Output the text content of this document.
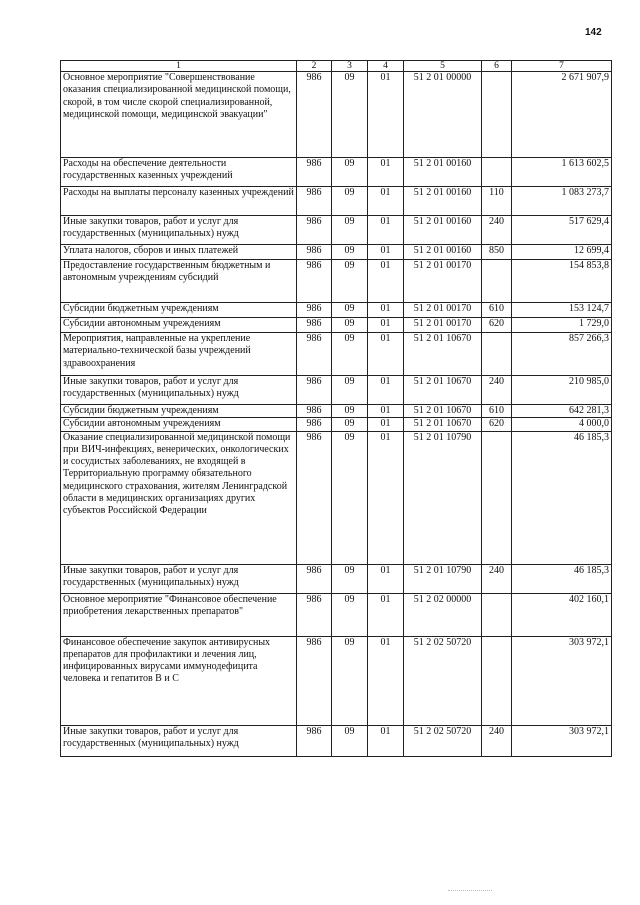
142
1	2	3	4	5	6	7
Основное мероприятие "Совершенствование оказания специализированной медицинской помощи, скорой, в том числе скорой специализированной, медицинской помощи, медицинской эвакуации"	986	09	01	51 2 01 00000		2 671 907,9
Расходы на обеспечение деятельности государственных казенных учреждений	986	09	01	51 2 01 00160		1 613 602,5
Расходы на выплаты персоналу казенных учреждений	986	09	01	51 2 01 00160	110	1 083 273,7
Иные закупки товаров, работ и услуг для государственных (муниципальных) нужд	986	09	01	51 2 01 00160	240	517 629,4
Уплата налогов, сборов и иных платежей	986	09	01	51 2 01 00160	850	12 699,4
Предоставление государственным бюджетным и автономным учреждениям субсидий	986	09	01	51 2 01 00170		154 853,8
Субсидии бюджетным учреждениям	986	09	01	51 2 01 00170	610	153 124,7
Субсидии автономным учреждениям	986	09	01	51 2 01 00170	620	1 729,0
Мероприятия, направленные на укрепление материально-технической базы учреждений здравоохранения	986	09	01	51 2 01 10670		857 266,3
Иные закупки товаров, работ и услуг для государственных (муниципальных) нужд	986	09	01	51 2 01 10670	240	210 985,0
Субсидии бюджетным учреждениям	986	09	01	51 2 01 10670	610	642 281,3
Субсидии автономным учреждениям	986	09	01	51 2 01 10670	620	4 000,0
Оказание специализированной медицинской помощи при ВИЧ-инфекциях, венерических, онкологических и сосудистых заболеваниях, не входящей в Территориальную программу обязательного медицинского страхования, жителям Ленинградской области в медицинских организациях других субъектов Российской Федерации	986	09	01	51 2 01 10790		46 185,3
Иные закупки товаров, работ и услуг для государственных (муниципальных) нужд	986	09	01	51 2 01 10790	240	46 185,3
Основное мероприятие "Финансовое обеспечение приобретения лекарственных препаратов"	986	09	01	51 2 02 00000		402 160,1
Финансовое обеспечение закупок антивирусных препаратов для профилактики и лечения лиц, инфицированных вирусами иммунодефицита человека и гепатитов В и С	986	09	01	51 2 02 50720		303 972,1
Иные закупки товаров, работ и услуг для государственных (муниципальных) нужд	986	09	01	51 2 02 50720	240	303 972,1
